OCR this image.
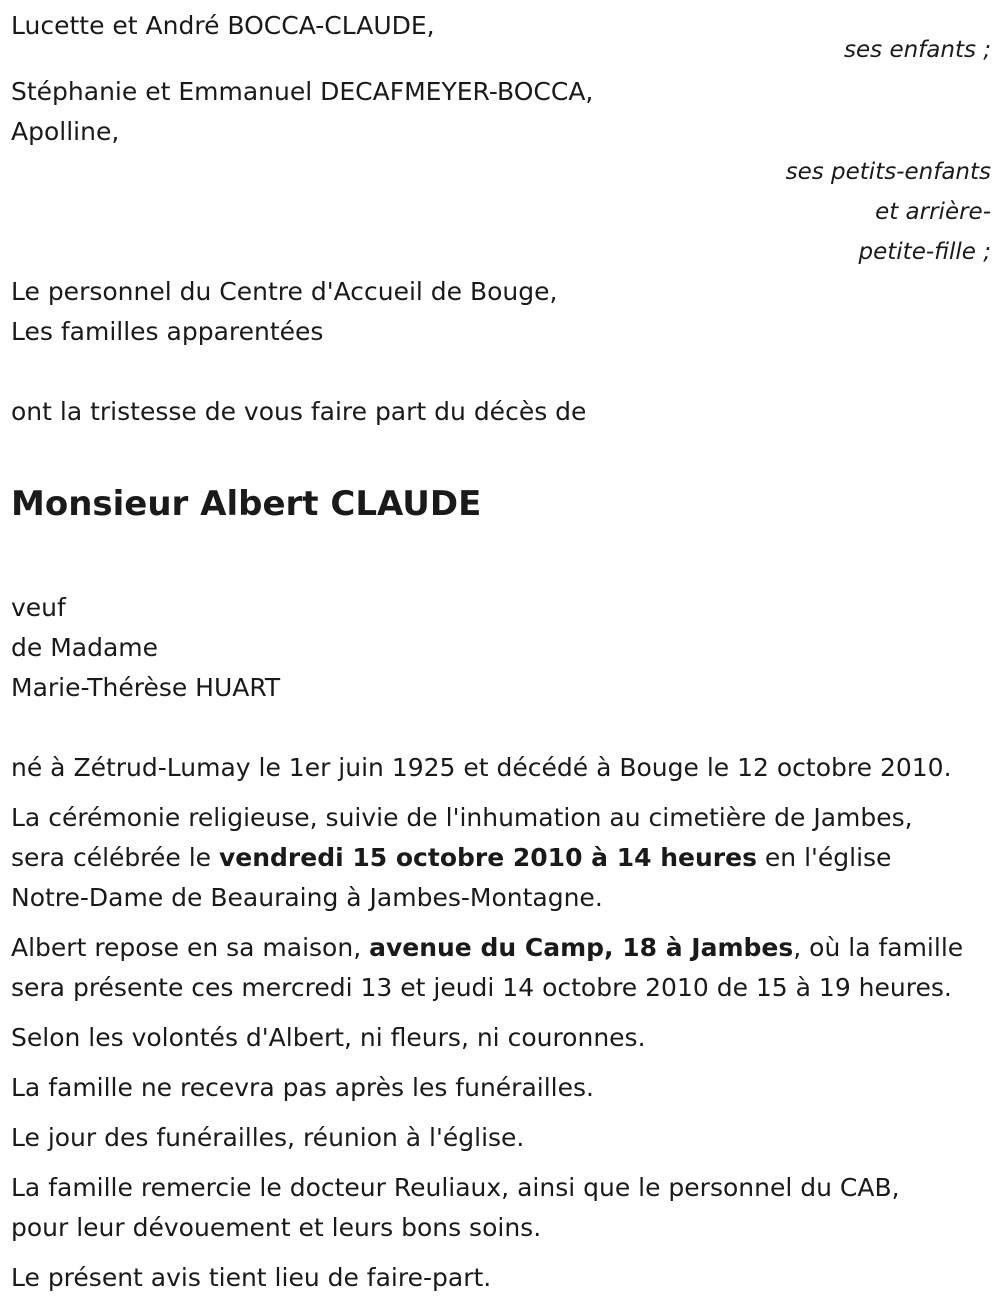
Lucette et André BOCCA-CLAUDE,
ses enfants ;
Stéphanie et Emmanuel DECAFMEYER-BOCCA,
Apolline,
ses petits-enfants
et arrière-
petite-fille ;
Le personnel du Centre d'Accueil de Bouge,
Les familles apparentées
ont la tristesse de vous faire part du décès de
Monsieur Albert CLAUDE
veuf
de Madame
Marie-Thérèse HUART
né à Zétrud-Lumay le 1er juin 1925 et décédé à Bouge le 12 octobre 2010.
La cérémonie religieuse, suivie de l'inhumation au cimetière de Jambes,
sera célébrée le vendredi 15 octobre 2010 à 14 heures en l'église
Notre-Dame de Beauraing à Jambes-Montagne.
Albert repose en sa maison, avenue du Camp, 18 à Jambes, où la famille
sera présente ces mercredi 13 et jeudi 14 octobre 2010 de 15 à 19 heures.
Selon les volontés d'Albert, ni fleurs, ni couronnes.
La famille ne recevra pas après les funérailles.
Le jour des funérailles, réunion à l'église.
La famille remercie le docteur Reuliaux, ainsi que le personnel du CAB,
pour leur dévouement et leurs bons soins.
Le présent avis tient lieu de faire-part.
